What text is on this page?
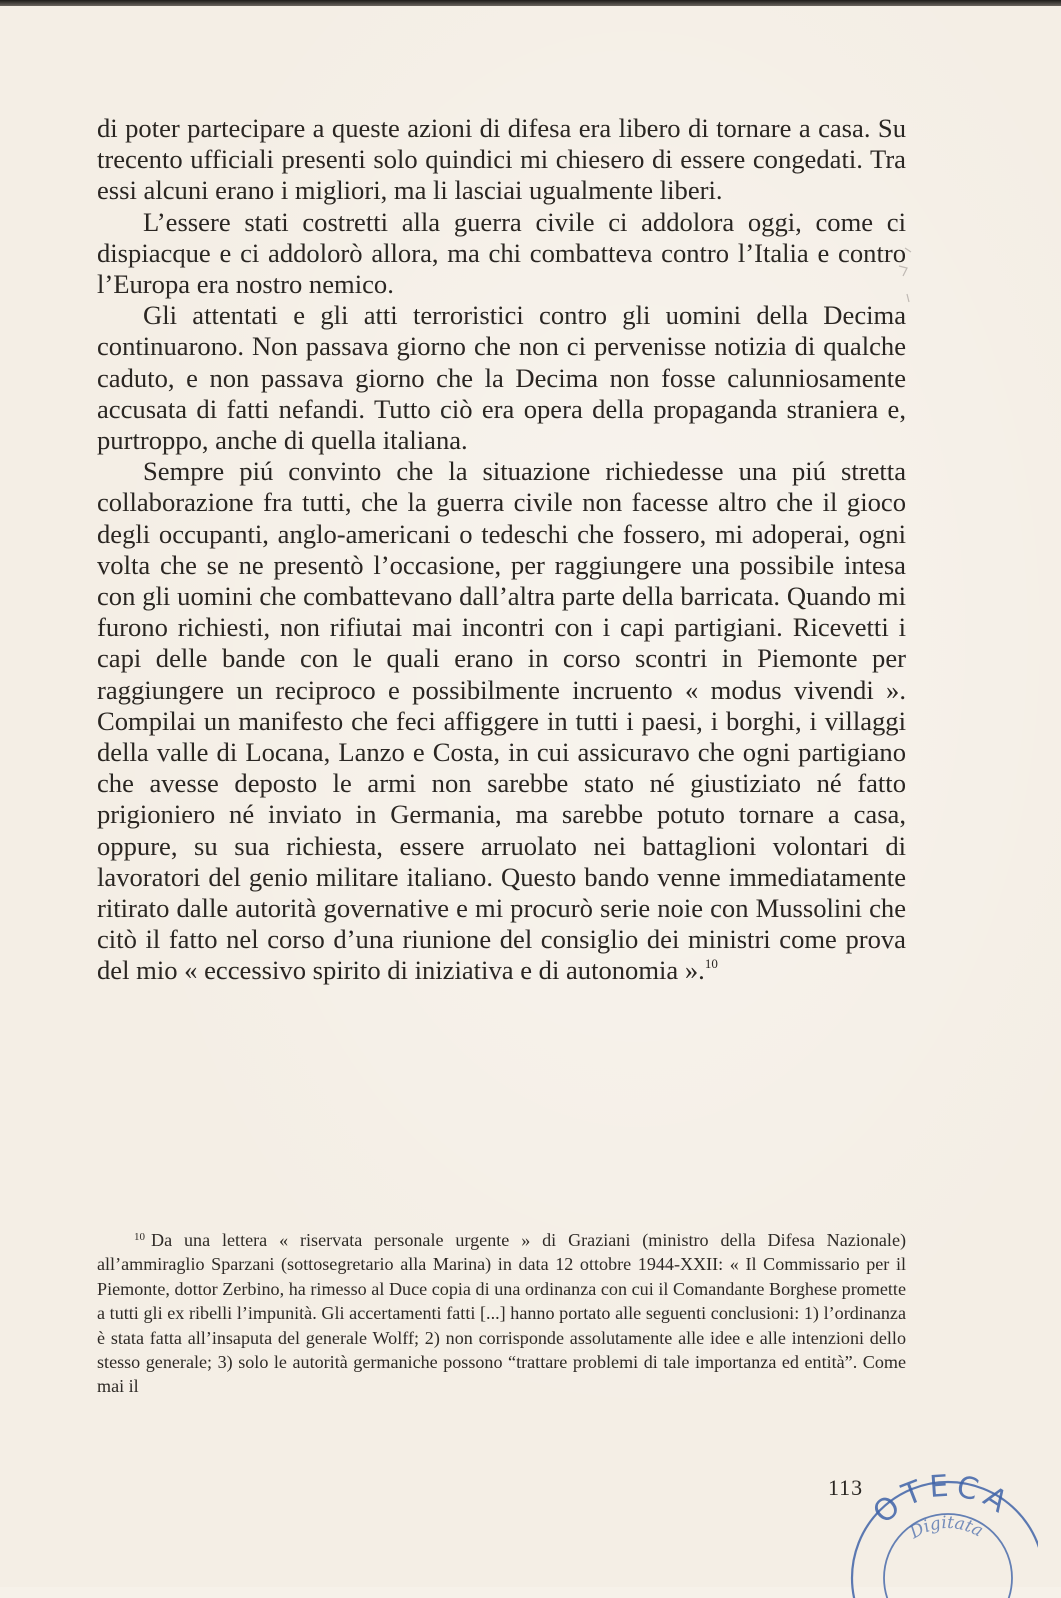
di poter partecipare a queste azioni di difesa era libero di tornare a casa. Su trecento ufficiali presenti solo quindici mi chiesero di essere congedati. Tra essi alcuni erano i migliori, ma li lasciai ugualmente liberi.

L’essere stati costretti alla guerra civile ci addolora oggi, come ci dispiacque e ci addolorò allora, ma chi combatteva contro l’Italia e contro l’Europa era nostro nemico.

Gli attentati e gli atti terroristici contro gli uomini della Decima continuarono. Non passava giorno che non ci pervenisse notizia di qualche caduto, e non passava giorno che la Decima non fosse calunniosamente accusata di fatti nefandi. Tutto ciò era opera della propaganda straniera e, purtroppo, anche di quella italiana.

Sempre piú convinto che la situazione richiedesse una piú stretta collaborazione fra tutti, che la guerra civile non facesse altro che il gioco degli occupanti, anglo-americani o tedeschi che fossero, mi adoperai, ogni volta che se ne presentò l’occasione, per raggiungere una possibile intesa con gli uomini che combattevano dall’altra parte della barricata. Quando mi furono richiesti, non rifiutai mai incontri con i capi partigiani. Ricevetti i capi delle bande con le quali erano in corso scontri in Piemonte per raggiungere un reciproco e possibilmente incruento « modus vivendi ». Compilai un manifesto che feci affiggere in tutti i paesi, i borghi, i villaggi della valle di Locana, Lanzo e Costa, in cui assicuravo che ogni partigiano che avesse deposto le armi non sarebbe stato né giustiziato né fatto prigioniero né inviato in Germania, ma sarebbe potuto tornare a casa, oppure, su sua richiesta, essere arruolato nei battaglioni volontari di lavoratori del genio militare italiano. Questo bando venne immediatamente ritirato dalle autorità governative e mi procurò serie noie con Mussolini che citò il fatto nel corso d’una riunione del consiglio dei ministri come prova del mio « eccessivo spirito di iniziativa e di autonomia ».$^{10}$

$^{10}$ Da una lettera « riservata personale urgente » di Graziani (ministro della Difesa Nazionale) all’ammiraglio Sparzani (sottosegretario alla Marina) in data 12 ottobre 1944-XXII: « Il Commissario per il Piemonte, dottor Zerbino, ha rimesso al Duce copia di una ordinanza con cui il Comandante Borghese promette a tutti gli ex ribelli l’impunità. Gli accertamenti fatti [...] hanno portato alle seguenti conclusioni: 1) l’ordinanza è stata fatta all’insaputa del generale Wolff; 2) non corrisponde assolutamente alle idee e alle intenzioni dello stesso generale; 3) solo le autorità germaniche possono “trattare problemi di tale importanza ed entità”. Come mai il

113 OTECA
Digitata
